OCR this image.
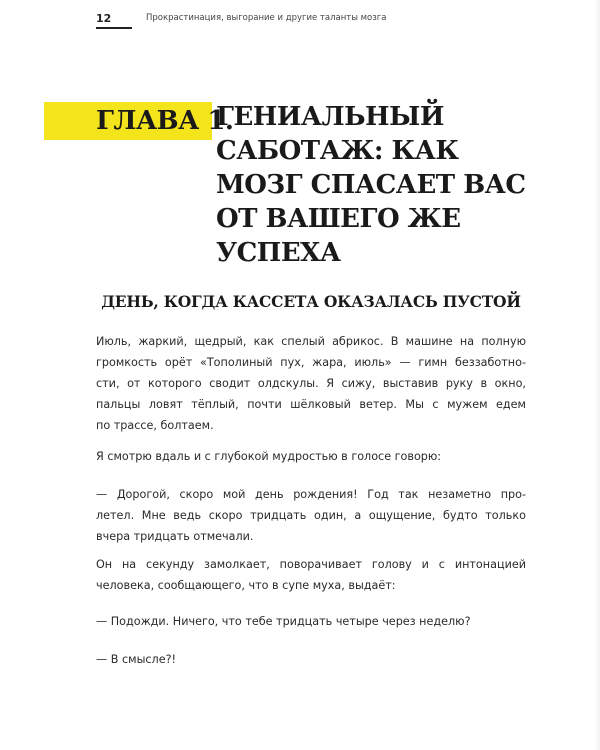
12	Прокрастинация, выгорание и другие таланты мозга
ГЛАВА 1.
ГЕНИАЛЬНЫЙ
САБОТАЖ: КАК
МОЗГ СПАСАЕТ ВАС
ОТ ВАШЕГО ЖЕ
УСПЕХА
ДЕНЬ, КОГДА КАССЕТА ОКАЗАЛАСЬ ПУСТОЙ
Июль, жаркий, щедрый, как спелый абрикос. В машине на полную
громкость орёт «Тополиный пух, жара, июль» — гимн беззаботно-
сти, от которого сводит олдскулы. Я сижу, выставив руку в окно,
пальцы ловят тёплый, почти шёлковый ветер. Мы с мужем едем
по трассе, болтаем.
Я смотрю вдаль и с глубокой мудростью в голосе говорю:
— Дорогой, скоро мой день рождения! Год так незаметно про-
летел. Мне ведь скоро тридцать один, а ощущение, будто только
вчера тридцать отмечали.
Он на секунду замолкает, поворачивает голову и с интонацией
человека, сообщающего, что в супе муха, выдаёт:
— Подожди. Ничего, что тебе тридцать четыре через неделю?
— В смысле?!
